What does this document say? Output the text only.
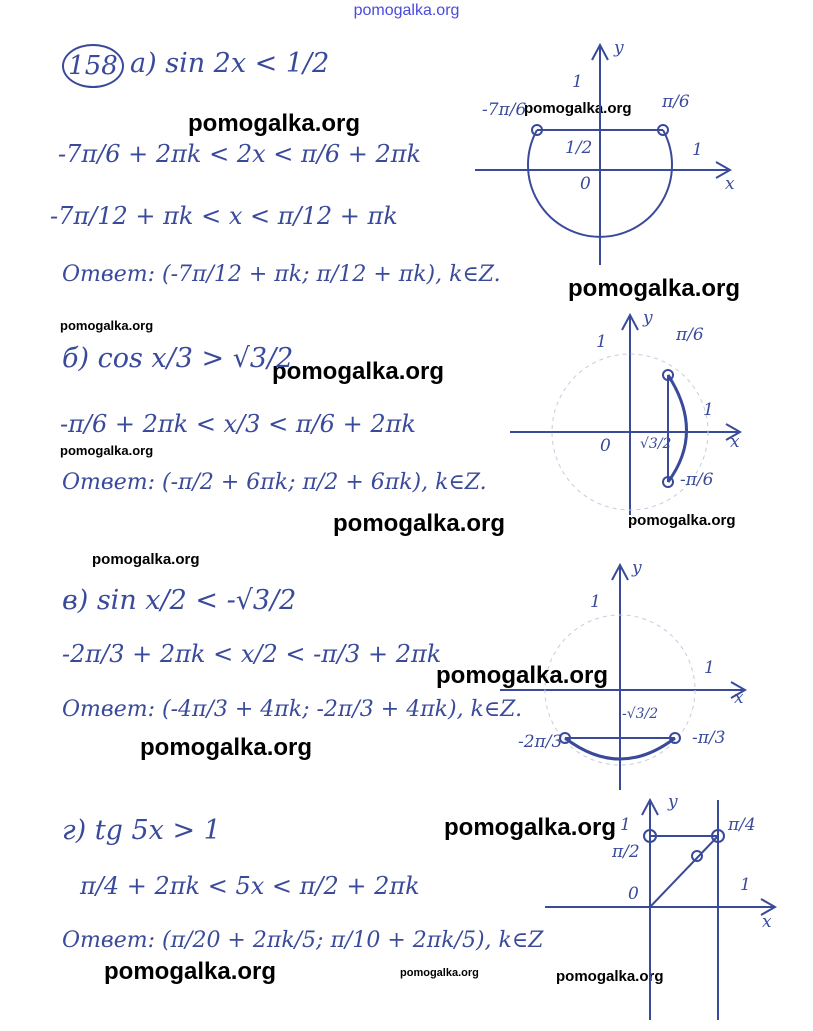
pomogalka.org
pomogalka.org
pomogalka.org
pomogalka.org
pomogalka.org
pomogalka.org
pomogalka.org
pomogalka.org	pomogalka.org
pomogalka.org
pomogalka.org
pomogalka.org
pomogalka.org
pomogalka.org	pomogalka.org	pomogalka.org
158 а) sin 2x < 1/2
-7π/6 + 2πk < 2x < π/6 + 2πk
-7π/12 + πk < x < π/12 + πk
Ответ: (-7π/12 + πk; π/12 + πk), k∈Z.
б) cos x/3 > √3/2
-π/6 + 2πk < x/3 < π/6 + 2πk
Ответ: (-π/2 + 6πk; π/2 + 6πk), k∈Z.
в) sin x/2 < -√3/2
-2π/3 + 2πk < x/2 < -π/3 + 2πk
Ответ: (-4π/3 + 4πk; -2π/3 + 4πk), k∈Z.
г) tg 5x > 1
π/4 + 2πk < 5x < π/2 + 2πk
Ответ: (π/20 + 2πk/5; π/10 + 2πk/5), k∈Z
-7π/6	π/6
1/2
1
1
0	x
y
π/6
-π/6
√3/2
1
1
0	x
y
-2π/3	-π/3
-√3/2
1
1
x
y
π/4
π/2
1
1
0
x
y
